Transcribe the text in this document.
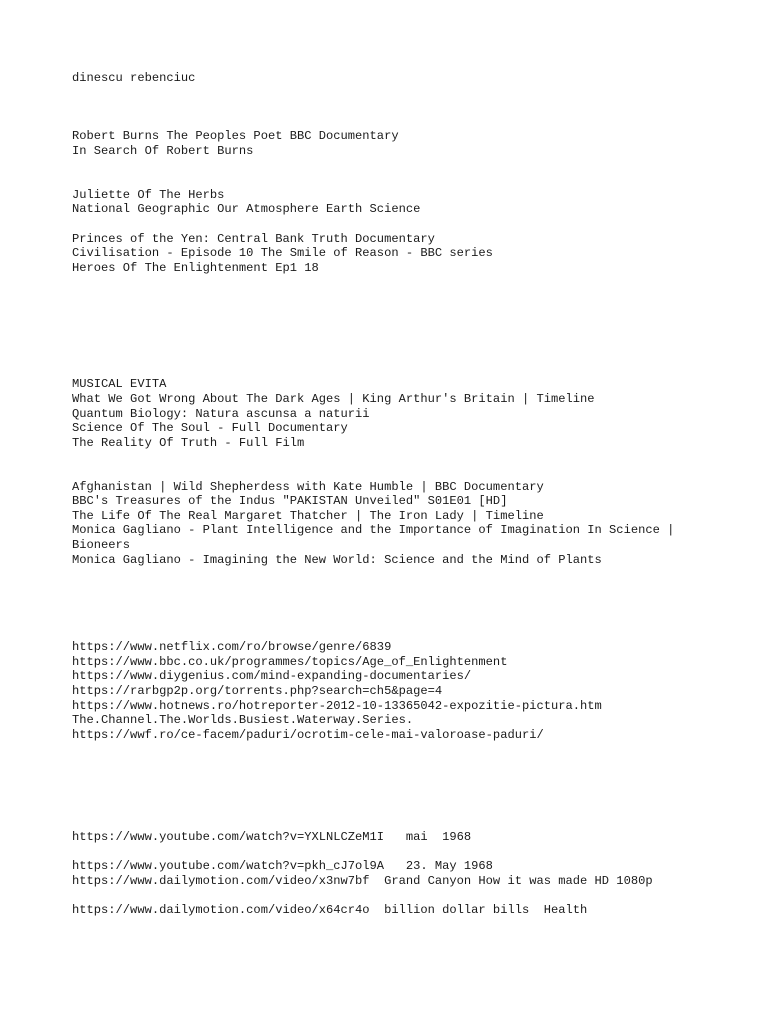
dinescu rebenciuc
Robert Burns The Peoples Poet BBC Documentary
In Search Of Robert Burns
Juliette Of The Herbs
National Geographic Our Atmosphere Earth Science
Princes of the Yen: Central Bank Truth Documentary
Civilisation - Episode 10 The Smile of Reason - BBC series
Heroes Of The Enlightenment Ep1 18
MUSICAL EVITA
What We Got Wrong About The Dark Ages | King Arthur's Britain | Timeline
Quantum Biology: Natura ascunsa a naturii
Science Of The Soul - Full Documentary
The Reality Of Truth - Full Film
Afghanistan | Wild Shepherdess with Kate Humble | BBC Documentary
BBC's Treasures of the Indus "PAKISTAN Unveiled" S01E01 [HD]
The Life Of The Real Margaret Thatcher | The Iron Lady | Timeline
Monica Gagliano - Plant Intelligence and the Importance of Imagination In Science |
Bioneers
Monica Gagliano - Imagining the New World: Science and the Mind of Plants
https://www.netflix.com/ro/browse/genre/6839
https://www.bbc.co.uk/programmes/topics/Age_of_Enlightenment
https://www.diygenius.com/mind-expanding-documentaries/
https://rarbgp2p.org/torrents.php?search=ch5&page=4
https://www.hotnews.ro/hotreporter-2012-10-13365042-expozitie-pictura.htm
The.Channel.The.Worlds.Busiest.Waterway.Series.
https://wwf.ro/ce-facem/paduri/ocrotim-cele-mai-valoroase-paduri/
https://www.youtube.com/watch?v=YXLNLCZeM1I   mai  1968
https://www.youtube.com/watch?v=pkh_cJ7ol9A   23. May 1968
https://www.dailymotion.com/video/x3nw7bf  Grand Canyon How it was made HD 1080p
https://www.dailymotion.com/video/x64cr4o  billion dollar bills  Health
